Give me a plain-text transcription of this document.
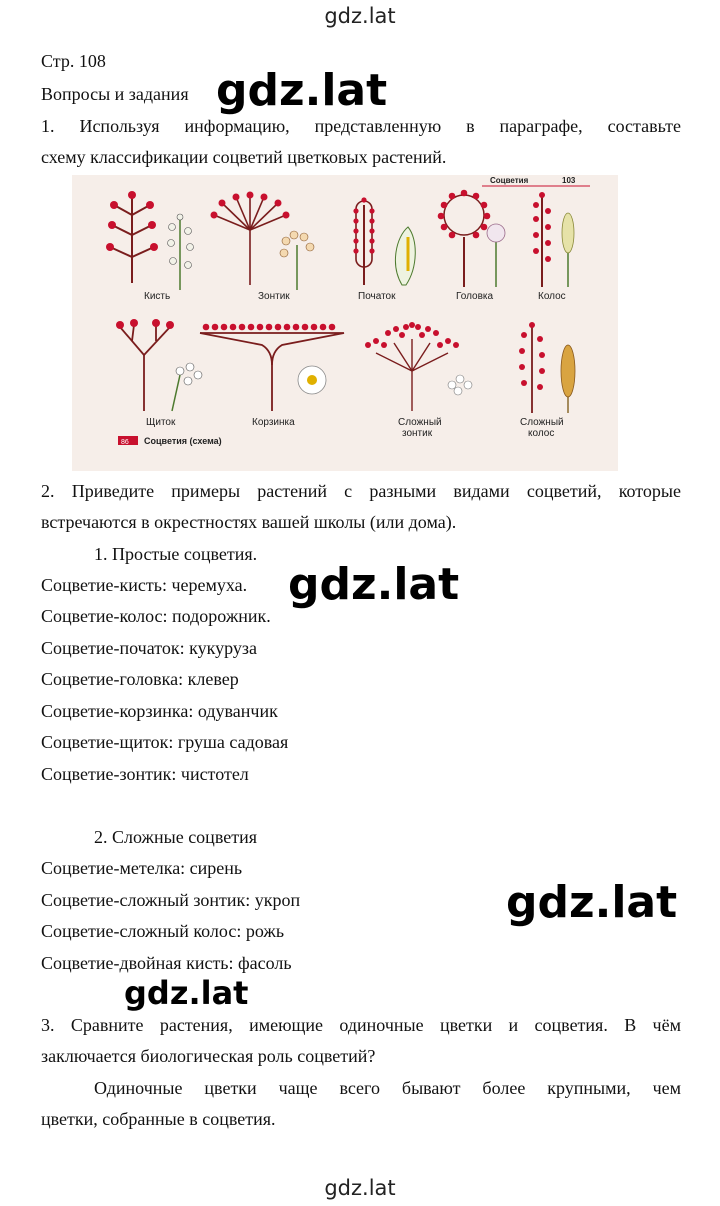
gdz.lat
Стр. 108
Вопросы и задания
1. Используя информацию, представленную в параграфе, составьте
схему классификации соцветий цветковых растений.
Соцветия	103
Кисть	Зонтик	Початок	Головка	Колос
Щиток	Корзинка	Сложный
зонтик
Сложный
колос
86 Соцветия (схема)
2. Приведите примеры растений с разными видами соцветий, которые
встречаются в окрестностях вашей школы (или дома).
1. Простые соцветия.
Соцветие-кисть: черемуха.
Соцветие-колос: подорожник.
Соцветие-початок: кукуруза
Соцветие-головка: клевер
Соцветие-корзинка: одуванчик
Соцветие-щиток: груша садовая
Соцветие-зонтик: чистотел
2. Сложные соцветия
Соцветие-метелка: сирень
Соцветие-сложный зонтик: укроп
Соцветие-сложный колос: рожь
Соцветие-двойная кисть: фасоль
3. Сравните растения, имеющие одиночные цветки и соцветия. В чём
заключается биологическая роль соцветий?
Одиночные цветки чаще всего бывают более крупными, чем
цветки, собранные в соцветия.
gdz.lat
gdz.lat
gdz.lat
gdz.lat
gdz.lat
